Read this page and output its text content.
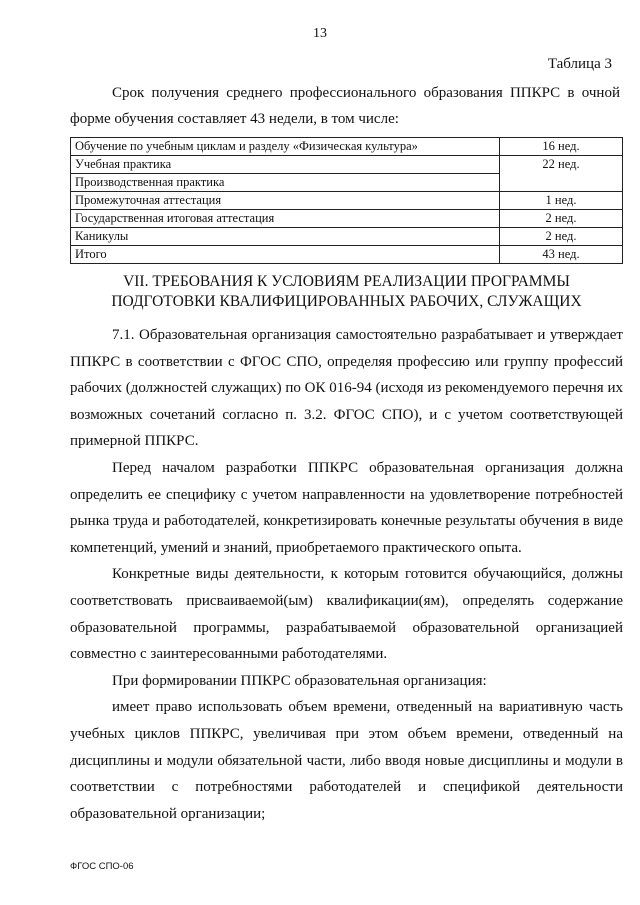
13
Таблица 3

Срок получения среднего профессионального образования ППКРС в очной форме обучения составляет 43 недели, в том числе:

Обучение по учебным циклам и разделу «Физическая культура»	16 нед.
Учебная практика	22 нед.
Производственная практика	
Промежуточная аттестация	1 нед.
Государственная итоговая аттестация	2 нед.
Каникулы	2 нед.
Итого	43 нед.
VII. ТРЕБОВАНИЯ К УСЛОВИЯМ РЕАЛИЗАЦИИ ПРОГРАММЫ
ПОДГОТОВКИ КВАЛИФИЦИРОВАННЫХ РАБОЧИХ, СЛУЖАЩИХ

7.1. Образовательная организация самостоятельно разрабатывает и утверждает ППКРС в соответствии с ФГОС СПО, определяя профессию или группу профессий рабочих (должностей служащих) по ОК 016-94 (исходя из рекомендуемого перечня их возможных сочетаний согласно п. 3.2. ФГОС СПО), и с учетом соответствующей примерной ППКРС.

Перед началом разработки ППКРС образовательная организация должна определить ее специфику с учетом направленности на удовлетворение потребностей рынка труда и работодателей, конкретизировать конечные результаты обучения в виде компетенций, умений и знаний, приобретаемого практического опыта.

Конкретные виды деятельности, к которым готовится обучающийся, должны соответствовать присваиваемой(ым) квалификации(ям), определять содержание образовательной программы, разрабатываемой образовательной организацией совместно с заинтересованными работодателями.

При формировании ППКРС образовательная организация:

имеет право использовать объем времени, отведенный на вариативную часть учебных циклов ППКРС, увеличивая при этом объем времени, отведенный на дисциплины и модули обязательной части, либо вводя новые дисциплины и модули в соответствии с потребностями работодателей и спецификой деятельности образовательной организации;

ФГОС СПО-06
